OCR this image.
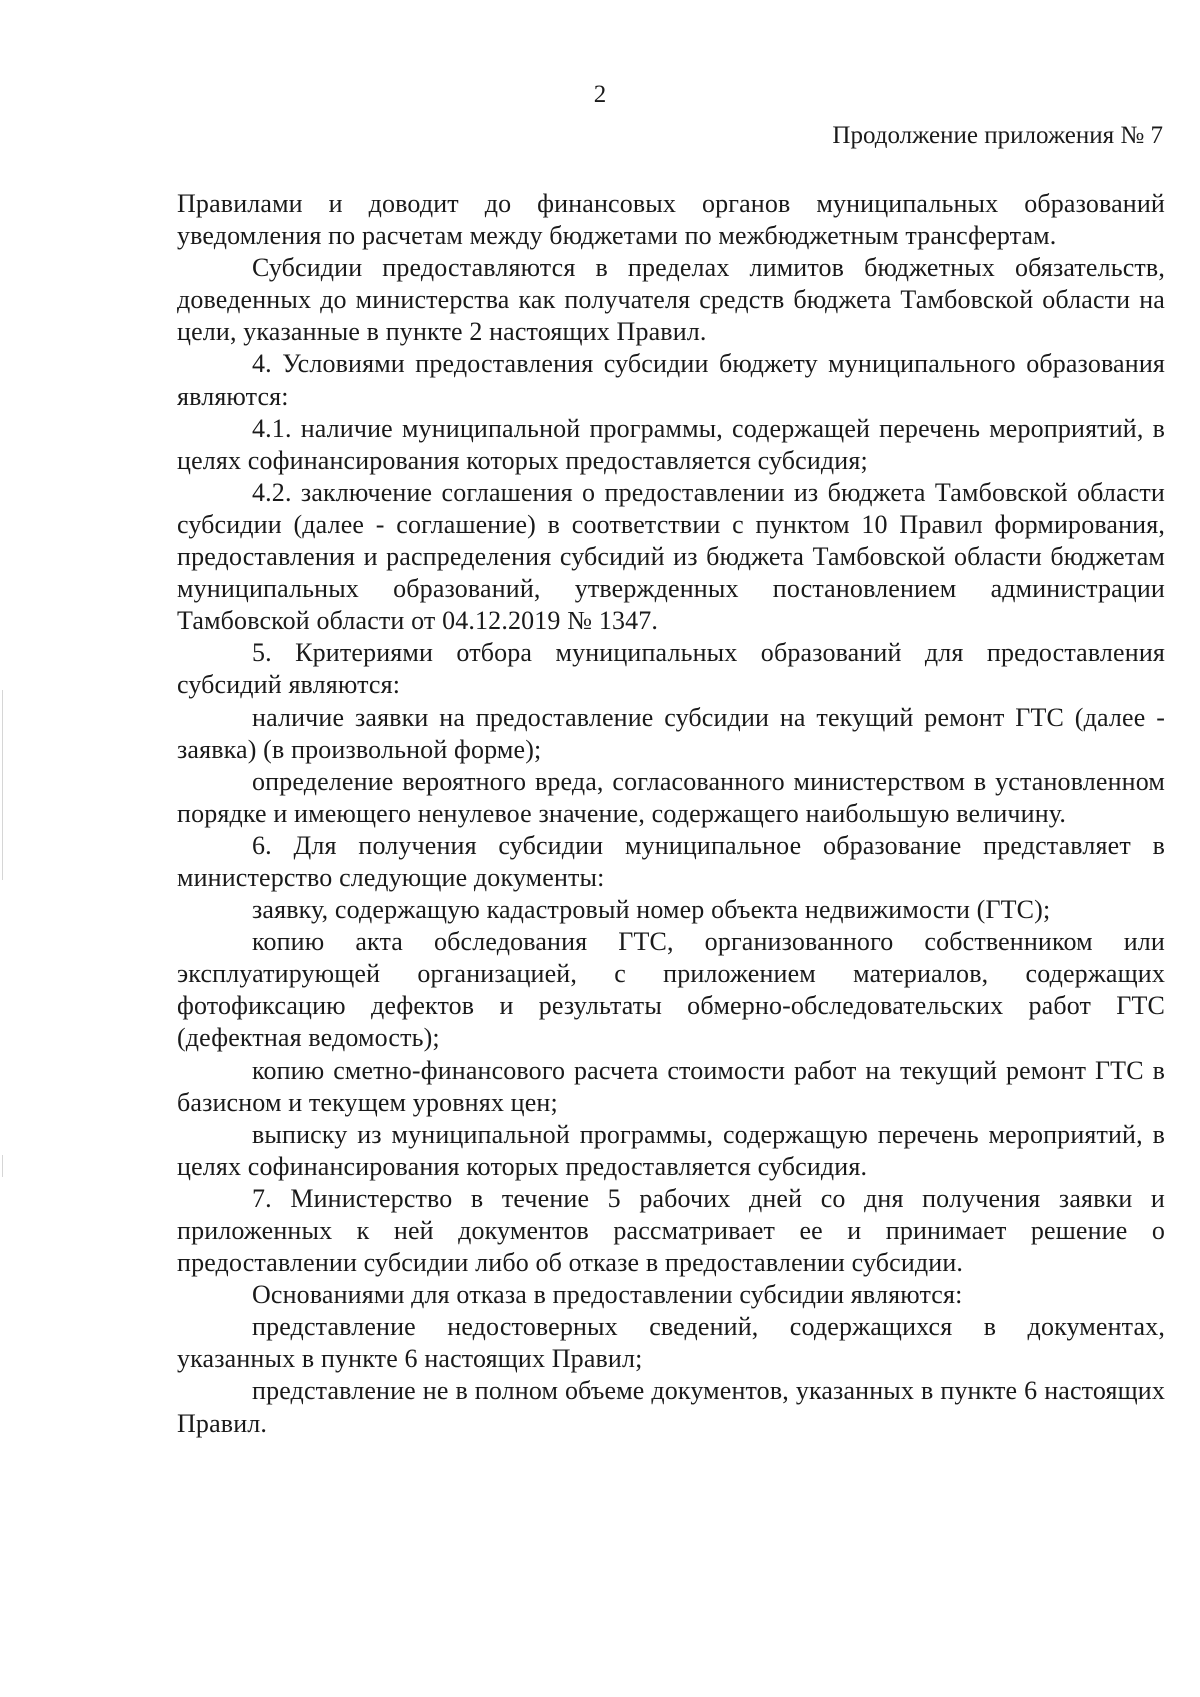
2
Продолжение приложения № 7

Правилами и доводит до финансовых органов муниципальных образований уведомления по расчетам между бюджетами по межбюджетным трансфертам.

Субсидии предоставляются в пределах лимитов бюджетных обязательств, доведенных до министерства как получателя средств бюджета Тамбовской области на цели, указанные в пункте 2 настоящих Правил.

4. Условиями предоставления субсидии бюджету муниципального образования являются:

4.1. наличие муниципальной программы, содержащей перечень мероприятий, в целях софинансирования которых предоставляется субсидия;

4.2. заключение соглашения о предоставлении из бюджета Тамбовской области субсидии (далее - соглашение) в соответствии с пунктом 10 Правил формирования, предоставления и распределения субсидий из бюджета Тамбовской области бюджетам муниципальных образований, утвержденных постановлением администрации Тамбовской области от 04.12.2019 № 1347.

5. Критериями отбора муниципальных образований для предоставления субсидий являются:

наличие заявки на предоставление субсидии на текущий ремонт ГТС (далее - заявка) (в произвольной форме);

определение вероятного вреда, согласованного министерством в установленном порядке и имеющего ненулевое значение, содержащего наибольшую величину.

6. Для получения субсидии муниципальное образование представляет в министерство следующие документы:

заявку, содержащую кадастровый номер объекта недвижимости (ГТС);

копию акта обследования ГТС, организованного собственником или эксплуатирующей организацией, с приложением материалов, содержащих фотофиксацию дефектов и результаты обмерно-обследовательских работ ГТС (дефектная ведомость);

копию сметно-финансового расчета стоимости работ на текущий ремонт ГТС в базисном и текущем уровнях цен;

выписку из муниципальной программы, содержащую перечень мероприятий, в целях софинансирования которых предоставляется субсидия.

7. Министерство в течение 5 рабочих дней со дня получения заявки и приложенных к ней документов рассматривает ее и принимает решение о предоставлении субсидии либо об отказе в предоставлении субсидии.

Основаниями для отказа в предоставлении субсидии являются:

представление недостоверных сведений, содержащихся в документах, указанных в пункте 6 настоящих Правил;

представление не в полном объеме документов, указанных в пункте 6 настоящих Правил.
